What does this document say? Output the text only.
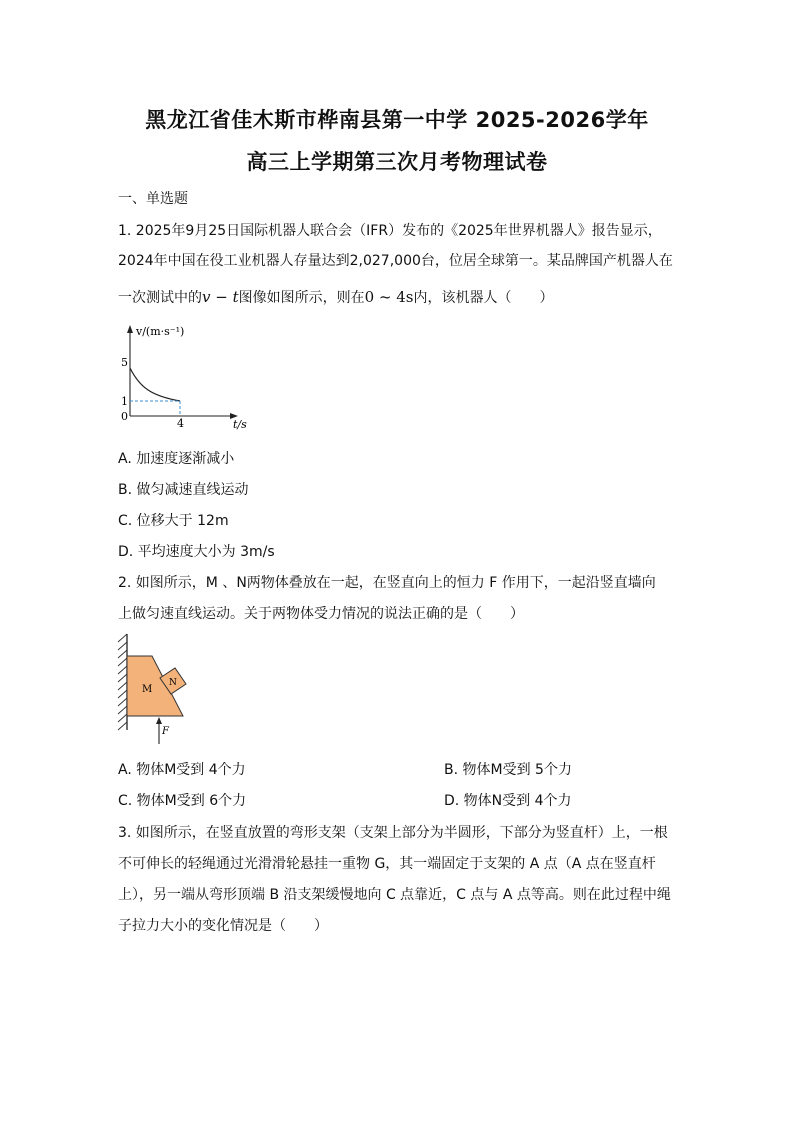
黑龙江省佳木斯市桦南县第一中学 2025-2026学年
高三上学期第三次月考物理试卷
一、单选题
1. 2025年9月25日国际机器人联合会（IFR）发布的《2025年世界机器人》报告显示，
2024年中国在役工业机器人存量达到2,027,000台，位居全球第一。某品牌国产机器人在
一次测试中的v − t图像如图所示，则在0 ~ 4s内，该机器人（　　）
v/(m·s⁻¹)
5
1
0
4	t/s
A. 加速度逐渐减小
B. 做匀减速直线运动
C. 位移大于 12m
D. 平均速度大小为 3m/s
2. 如图所示，M 、N两物体叠放在一起，在竖直向上的恒力 F 作用下，一起沿竖直墙向
上做匀速直线运动。关于两物体受力情况的说法正确的是（　　）
M
N
F
A. 物体M受到 4个力	B. 物体M受到 5个力
C. 物体M受到 6个力	D. 物体N受到 4个力
3. 如图所示，在竖直放置的弯形支架（支架上部分为半圆形，下部分为竖直杆）上，一根
不可伸长的轻绳通过光滑滑轮悬挂一重物 G，其一端固定于支架的 A 点（A 点在竖直杆
上），另一端从弯形顶端 B 沿支架缓慢地向 C 点靠近，C 点与 A 点等高。则在此过程中绳
子拉力大小的变化情况是（　　）
